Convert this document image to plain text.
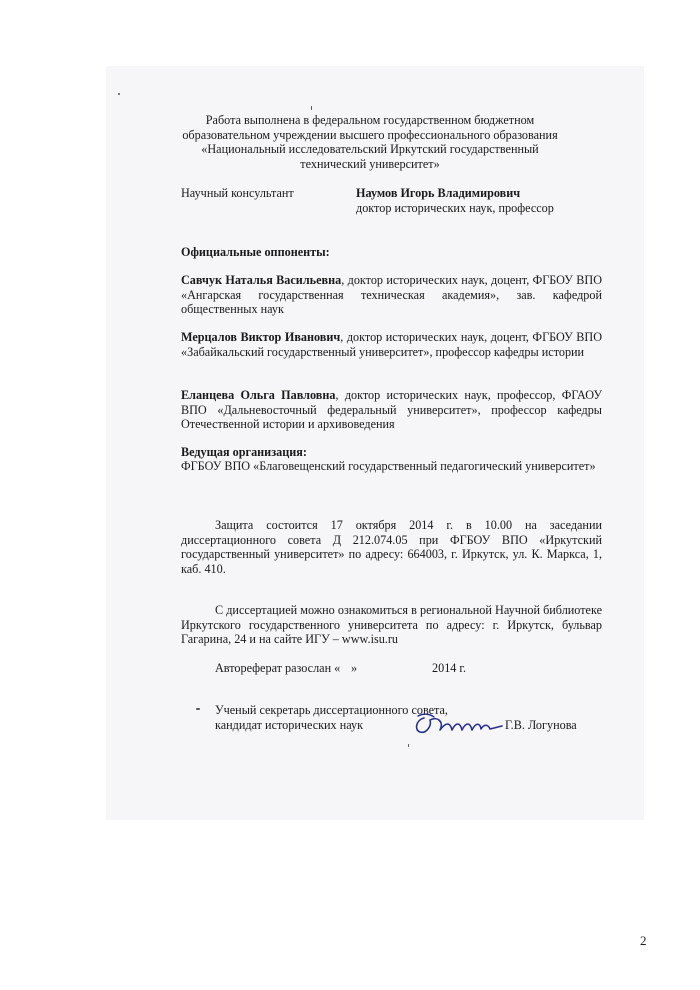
Работа выполнена в федеральном государственном бюджетном
образовательном учреждении высшего профессионального образования
«Национальный исследовательский Иркутский государственный
технический университет»
Научный консультант	Наумов Игорь Владимирович
доктор исторических наук, профессор
Официальные оппоненты:
Савчук Наталья Васильевна, доктор исторических наук, доцент, ФГБОУ ВПО «Ангарская государственная техническая академия», зав. кафедрой общественных наук
Мерцалов Виктор Иванович, доктор исторических наук, доцент, ФГБОУ ВПО «Забайкальский государственный университет», профессор кафедры истории
Еланцева Ольга Павловна, доктор исторических наук, профессор, ФГАОУ ВПО «Дальневосточный федеральный университет», профессор кафедры Отечественной истории и архивоведения
Ведущая организация:
ФГБОУ ВПО «Благовещенский государственный педагогический университет»
Защита состоится 17 октября 2014 г. в 10.00 на заседании диссертационного совета Д 212.074.05 при ФГБОУ ВПО «Иркутский государственный университет» по адресу: 664003, г. Иркутск, ул. К. Маркса, 1, каб. 410.
С диссертацией можно ознакомиться в региональной Научной библиотеке Иркутского государственного университета по адресу: г. Иркутск, бульвар Гагарина, 24 и на сайте ИГУ – www.isu.ru
Автореферат разослан « »	2014 г.
Ученый секретарь диссертационного совета,
кандидат исторических наук	Г.В. Логунова
2
